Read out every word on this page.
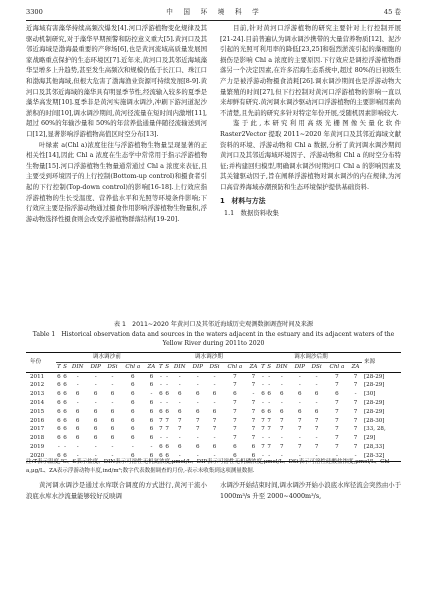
3300	中　国　环　境　科　学	45 卷

近海域有害藻华持续高频次爆发[4].河口浮游植物变化规律及其驱动机制研究,对于藻华早期预警和防控意义重大[5].黄河口及其邻近海域是渤海最重要的产卵场[6],也是黄河流域高质量发展国家战略重点保护的生态环境区[7].近年来,黄河口及其邻近海域藻华呈增多上升趋势,甚至发生高频次和规模仍低于长江口、珠江口和渤海其他海域,但根大危害了渤海渔业资源可持续发展[8-9].黄河口及其邻近海域的藻华具有明显季节性,经流输入较多的夏季是藻华高发期[10].夏季非是黄河实施调水调沙,冲刷下游河道泥沙淤积的时间[10],调水调沙期间,黄河径流量在短时间内激增[11],超过 60%的年输沙量和 50%的年营养盐通量伴随径流输送到河口[12],显著影响浮游植物高值区时空分布[13].

叶绿素 a(Chl a)浓度往往与浮游植物生物量呈现显著的正相关性[14],因此 Chl a 浓度在生态学中常常用于指示浮游植物生物量[15].河口浮游植物生物量通常通过 Chl a 浓度来表征,且主要受到环境因子的上行控制(Bottom-up control)和摄食者引起的下行控制(Top-down control)的影响[16-18].上行效应指浮游植物的生长受温度、营养盐水平和光照等环境条件影响;下行效应主要是指浮游动物通过摄食作用影响浮游植物生物量积,浮游动物选择性摄食则会改变浮游植物群落结构[19-20].

目前,针对黄河口浮游植物的研究主要针对上行控制开展[21-24].目前普遍认为调水调沙携带的大量营养物质[12]、泥沙引起的光照可利用率的降低[23,25]和强烈淤流引起的藻细胞的损伤是影响 Chl a 浓度的主要原因.下行效应是调控浮游植物群落另一个决定因素,在许多沼海生态系统中,超过 80%的日初级生产力是被浮游动物摄食消耗[26].调水调沙期间也是浮游动物大量繁殖的时间[27],但下行控制对黄河口浮游植物的影响一直以来却鲜有研究.黄河调水调沙驱动河口浮游植物的主要影响因素尚不清楚,且先前的研究多针对特定年份开展,受随机因素影响较大.

鉴于此,本研究利用高级光栅图像矢量化软件 Raster2Vector 提取 2011~2020 年黄河口及其邻近海域文献资料的环境、浮游动物和 Chl a 数据,分析了黄河调水调沙期间黄河口及其邻近海域环境因子、浮游动物和 Chl a 的时空分布特征;并构建回归模型,明确调水调沙时期河口 Chl a 的影响因素及其关键驱动因子,旨在阐释浮游植物对调水调沙的内在规律,为河口高营养海域赤潮预防和生态环境保护提供基础资料.

1　材料与方法
1.1　数据资料收集
表 1　2011~2020 年黄河口及其邻近海域历史观测数据调查时间及来源
Table 1　Historical observation data and sources in the waters adjacent in the estuary and its adjacent waters of the Yellow River during 2011to 2020
年份	调水调沙前							调水调沙期							调水调沙后期							来源
	T	S	DIN	DIP	DSi	Chl a	ZA	T	S	DIN	DIP	DSi	Chl a	ZA	T	S	DIN	DIP	DSi	Chl a	ZA	
2011	6	6	-	-	-	6	6	-	-	-	-	-	7	7	-	-	-	-	-	7	7	[28-29]
2012	6	6	-	-	-	6	6	-	-	-	-	-	7	7	-	-	-	-	-	7	7	[28-29]
2013	6	6	6	6	6	6	-	6	6	6	6	6	6	-	6	6	6	6	6	6	-	[30]
2014	6	6	-	-	-	6	6	-	-	-	-	-	7	7	-	-	-	-	-	7	7	[28-29]
2015	6	6	6	6	6	6	6	6	6	6	6	6	7	7	6	6	6	6	6	7	7	[28-29]
2016	6	6	6	6	6	6	6	7	7	7	7	7	7	7	7	7	7	7	7	7	7	[28-30]
2017	6	6	6	6	6	6	6	7	7	7	7	7	7	7	7	7	7	7	7	7	7	[33, 28,
2018	6	6	6	6	6	6	6	-	-	-	-	-	7	7	-	-	-	-	-	7	7	[29]
2019	-	-	-	-	-	-	-	6	6	6	6	6	6	6	7	7	7	7	7	7	7	[28,33]
2020	6	6	-	-	-	6	6	6	6	-	-	-	6	6	-	-	-	-	-	-	-	[28-32]
注:T表示温度,℃、S表示盐度、DIN表示可溶性无机氮浓度,μmol/L、DIP表示可溶性无机磷浓度,μmol/L、DSi表示可溶性硅酸盐浓度,μmol/L、Chl a,μg/L、ZA表示浮游动物丰度,ind/m³;数字代表数据调查的月份,-表示未收集到这项测量数据.
黄河调水调沙是通过水库联合调度的方式进行,黄河干流小浪底水库水沙流量能够较好反映调
水调沙开始结束时间,调水调沙开始小浪底水库径流会突然由小于 1000m³/s 升至 2000~4000m³/s,
